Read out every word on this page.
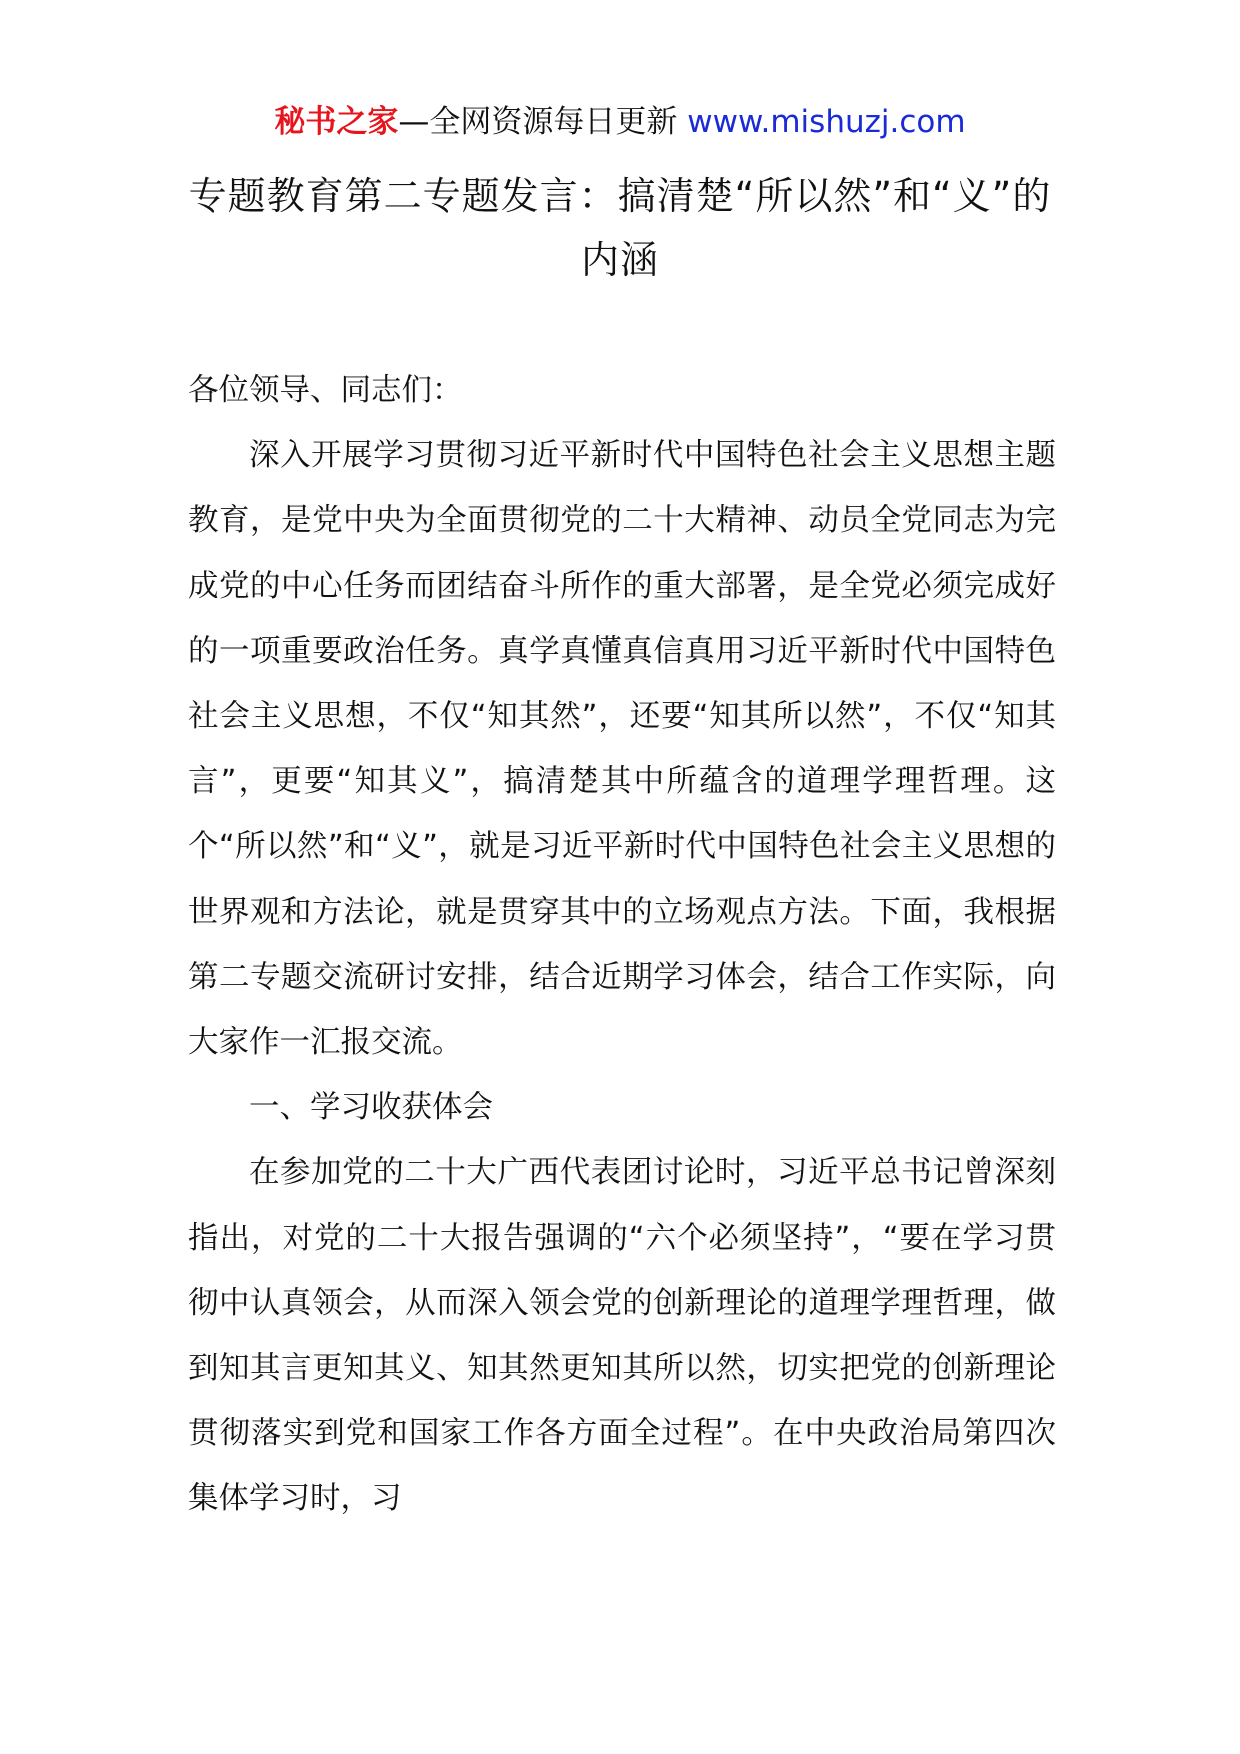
秘书之家—全网资源每日更新 www.mishuzj.com
专题教育第二专题发言：搞清楚“所以然”和“义”的内涵

各位领导、同志们：

深入开展学习贯彻习近平新时代中国特色社会主义思想主题教育，是党中央为全面贯彻党的二十大精神、动员全党同志为完成党的中心任务而团结奋斗所作的重大部署，是全党必须完成好的一项重要政治任务。真学真懂真信真用习近平新时代中国特色社会主义思想，不仅“知其然”，还要“知其所以然”，不仅“知其言”，更要“知其义”，搞清楚其中所蕴含的道理学理哲理。这个“所以然”和“义”，就是习近平新时代中国特色社会主义思想的世界观和方法论，就是贯穿其中的立场观点方法。下面，我根据第二专题交流研讨安排，结合近期学习体会，结合工作实际，向大家作一汇报交流。

一、学习收获体会

在参加党的二十大广西代表团讨论时，习近平总书记曾深刻指出，对党的二十大报告强调的“六个必须坚持”，“要在学习贯彻中认真领会，从而深入领会党的创新理论的道理学理哲理，做到知其言更知其义、知其然更知其所以然，切实把党的创新理论贯彻落实到党和国家工作各方面全过程”。在中央政治局第四次集体学习时，习
